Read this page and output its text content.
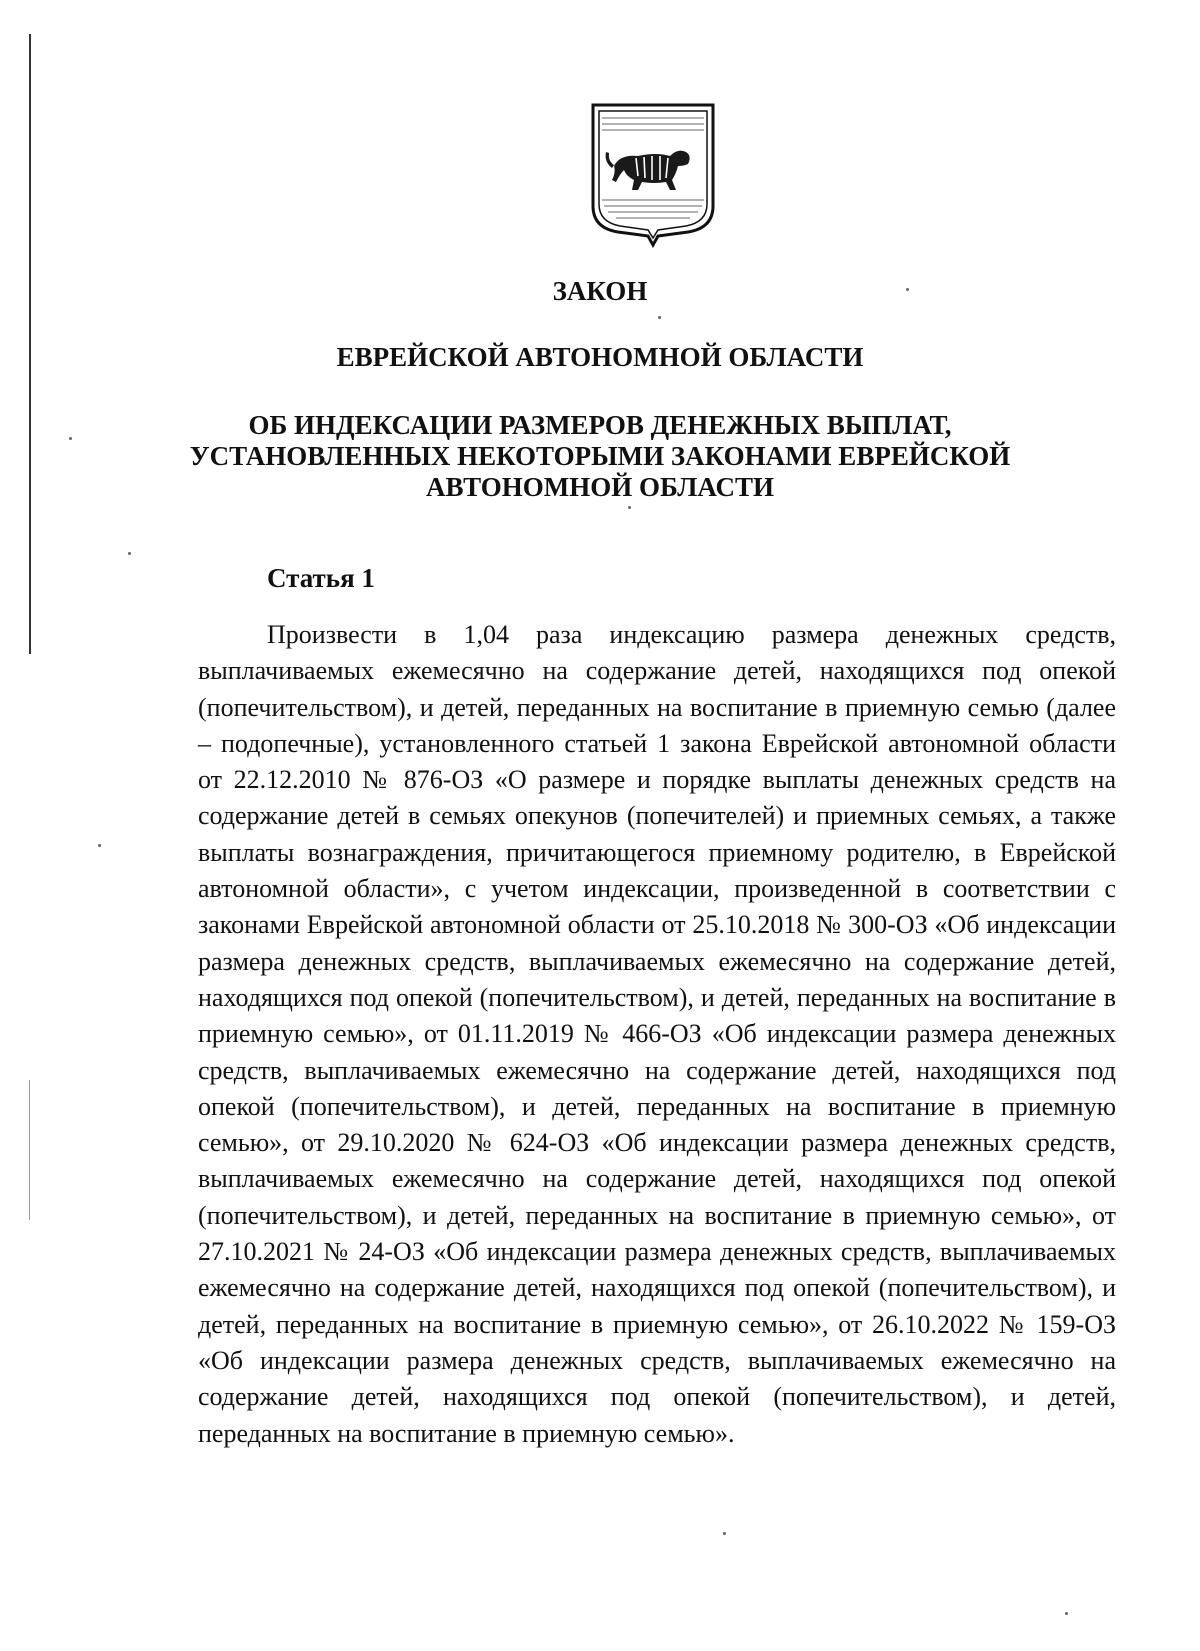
ЗАКОН
ЕВРЕЙСКОЙ АВТОНОМНОЙ ОБЛАСТИ
ОБ ИНДЕКСАЦИИ РАЗМЕРОВ ДЕНЕЖНЫХ ВЫПЛАТ,
УСТАНОВЛЕННЫХ НЕКОТОРЫМИ ЗАКОНАМИ ЕВРЕЙСКОЙ
АВТОНОМНОЙ ОБЛАСТИ
Статья 1

Произвести в 1,04 раза индексацию размера денежных средств, выплачиваемых ежемесячно на содержание детей, находящихся под опекой (попечительством), и детей, переданных на воспитание в приемную семью (далее – подопечные), установленного статьей 1 закона Еврейской автономной области от 22.12.2010 № 876-ОЗ «О размере и порядке выплаты денежных средств на содержание детей в семьях опекунов (попечителей) и приемных семьях, а также выплаты вознаграждения, причитающегося приемному родителю, в Еврейской автономной области», с учетом индексации, произведенной в соответствии с законами Еврейской автономной области от 25.10.2018 № 300-ОЗ «Об индексации размера денежных средств, выплачиваемых ежемесячно на содержание детей, находящихся под опекой (попечительством), и детей, переданных на воспитание в приемную семью», от 01.11.2019 № 466-ОЗ «Об индексации размера денежных средств, выплачиваемых ежемесячно на содержание детей, находящихся под опекой (попечительством), и детей, переданных на воспитание в приемную семью», от 29.10.2020 № 624-ОЗ «Об индексации размера денежных средств, выплачиваемых ежемесячно на содержание детей, находящихся под опекой (попечительством), и детей, переданных на воспитание в приемную семью», от 27.10.2021 № 24-ОЗ «Об индексации размера денежных средств, выплачиваемых ежемесячно на содержание детей, находящихся под опекой (попечительством), и детей, переданных на воспитание в приемную семью», от 26.10.2022 № 159-ОЗ «Об индексации размера денежных средств, выплачиваемых ежемесячно на содержание детей, находящихся под опекой (попечительством), и детей, переданных на воспитание в приемную семью».
